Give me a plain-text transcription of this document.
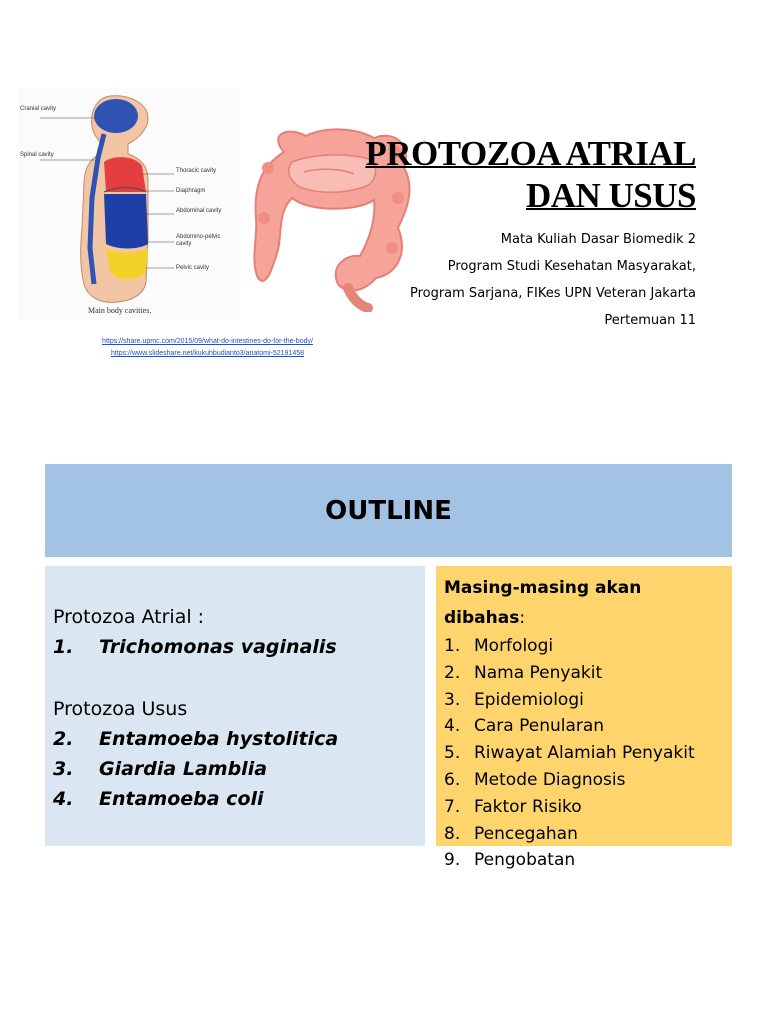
Cranial cavity
Spinal cavity
Thoracic cavity
Diaphragm
Abdominal cavity
Abdomino-pelvic cavity
Pelvic cavity
Main body cavities.
PROTOZOA ATRIAL
DAN USUS
Mata Kuliah Dasar Biomedik 2
Program Studi Kesehatan Masyarakat,
Program Sarjana, FIKes UPN Veteran Jakarta
Pertemuan 11
https://share.upmc.com/2015/09/what-do-intestines-do-for-the-body/
https://www.slideshare.net/kukuhbudianto3/anatomi-52191458
OUTLINE
Protozoa Atrial :
1.	Trichomonas vaginalis
Protozoa Usus
2.	Entamoeba hystolitica
3.	Giardia Lamblia
4.	Entamoeba coli
Masing-masing akan dibahas:
1. Morfologi
2. Nama Penyakit
3. Epidemiologi
4. Cara Penularan
5. Riwayat Alamiah Penyakit
6. Metode Diagnosis
7. Faktor Risiko
8. Pencegahan
9. Pengobatan
